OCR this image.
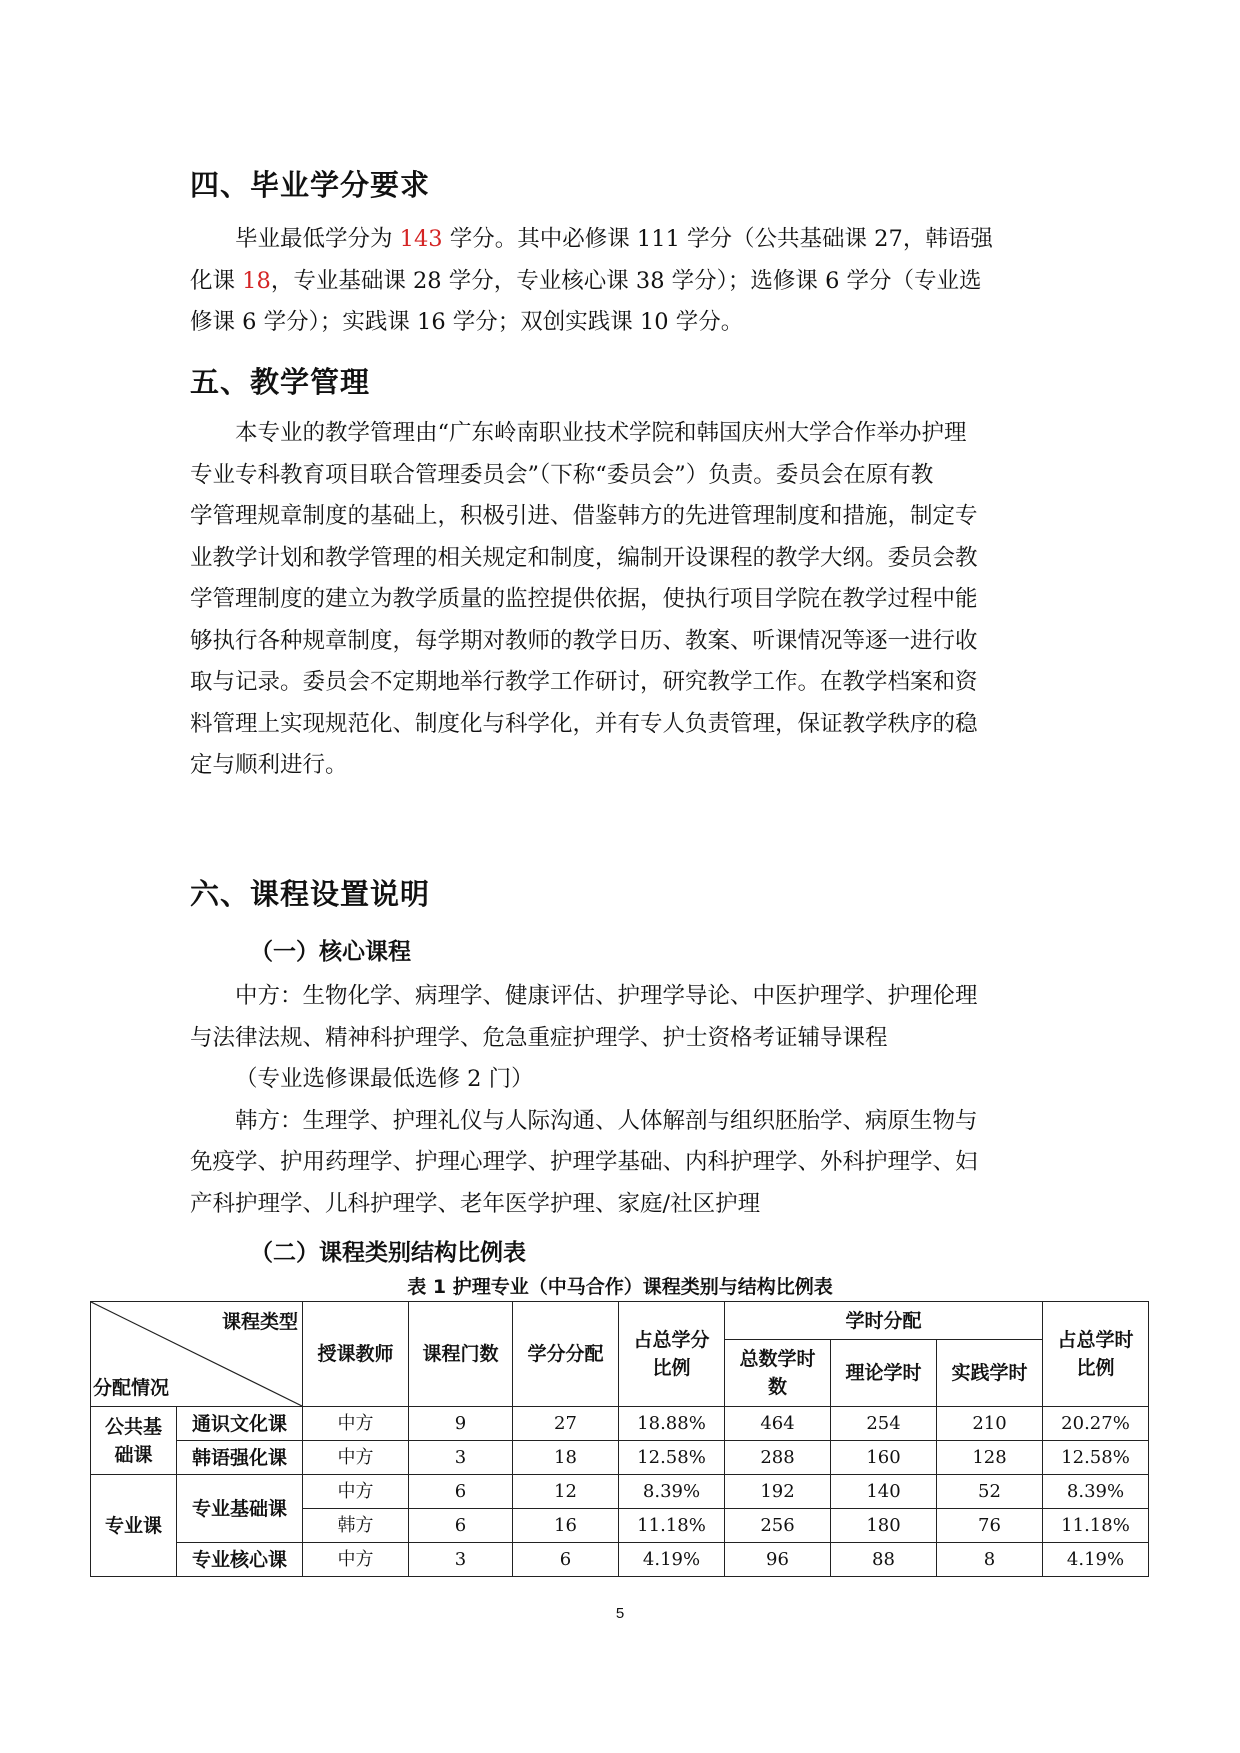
四、毕业学分要求
毕业最低学分为 143 学分。其中必修课 111 学分（公共基础课 27，韩语强
化课 18，专业基础课 28 学分，专业核心课 38 学分）；选修课 6 学分（专业选
修课 6 学分）；实践课 16 学分；双创实践课 10 学分。
五、教学管理
本专业的教学管理由“广东岭南职业技术学院和韩国庆州大学合作举办护理
专业专科教育项目联合管理委员会”（下称“委员会”）负责。委员会在原有教
学管理规章制度的基础上，积极引进、借鉴韩方的先进管理制度和措施，制定专
业教学计划和教学管理的相关规定和制度，编制开设课程的教学大纲。委员会教
学管理制度的建立为教学质量的监控提供依据，使执行项目学院在教学过程中能
够执行各种规章制度，每学期对教师的教学日历、教案、听课情况等逐一进行收
取与记录。委员会不定期地举行教学工作研讨，研究教学工作。在教学档案和资
料管理上实现规范化、制度化与科学化，并有专人负责管理，保证教学秩序的稳
定与顺利进行。
六、课程设置说明
（一）核心课程
中方：生物化学、病理学、健康评估、护理学导论、中医护理学、护理伦理
与法律法规、精神科护理学、危急重症护理学、护士资格考证辅导课程
（专业选修课最低选修 2 门）
韩方：生理学、护理礼仪与人际沟通、人体解剖与组织胚胎学、病原生物与
免疫学、护用药理学、护理心理学、护理学基础、内科护理学、外科护理学、妇
产科护理学、儿科护理学、老年医学护理、家庭/社区护理
（二）课程类别结构比例表

表 1 护理专业（中马合作）课程类别与结构比例表

课程类型
分配情况		授课教师	课程门数	学分分配	占总学分
比例	学时分配			占总学时
比例
						总数学时
数	理论学时	实践学时	
公共基
础课	通识文化课	中方	9	27	18.88%	464	254	210	20.27%
	韩语强化课	中方	3	18	12.58%	288	160	128	12.58%
专业课	专业基础课	中方	6	12	8.39%	192	140	52	8.39%
		韩方	6	16	11.18%	256	180	76	11.18%
	专业核心课	中方	3	6	4.19%	96	88	8	4.19%
5
